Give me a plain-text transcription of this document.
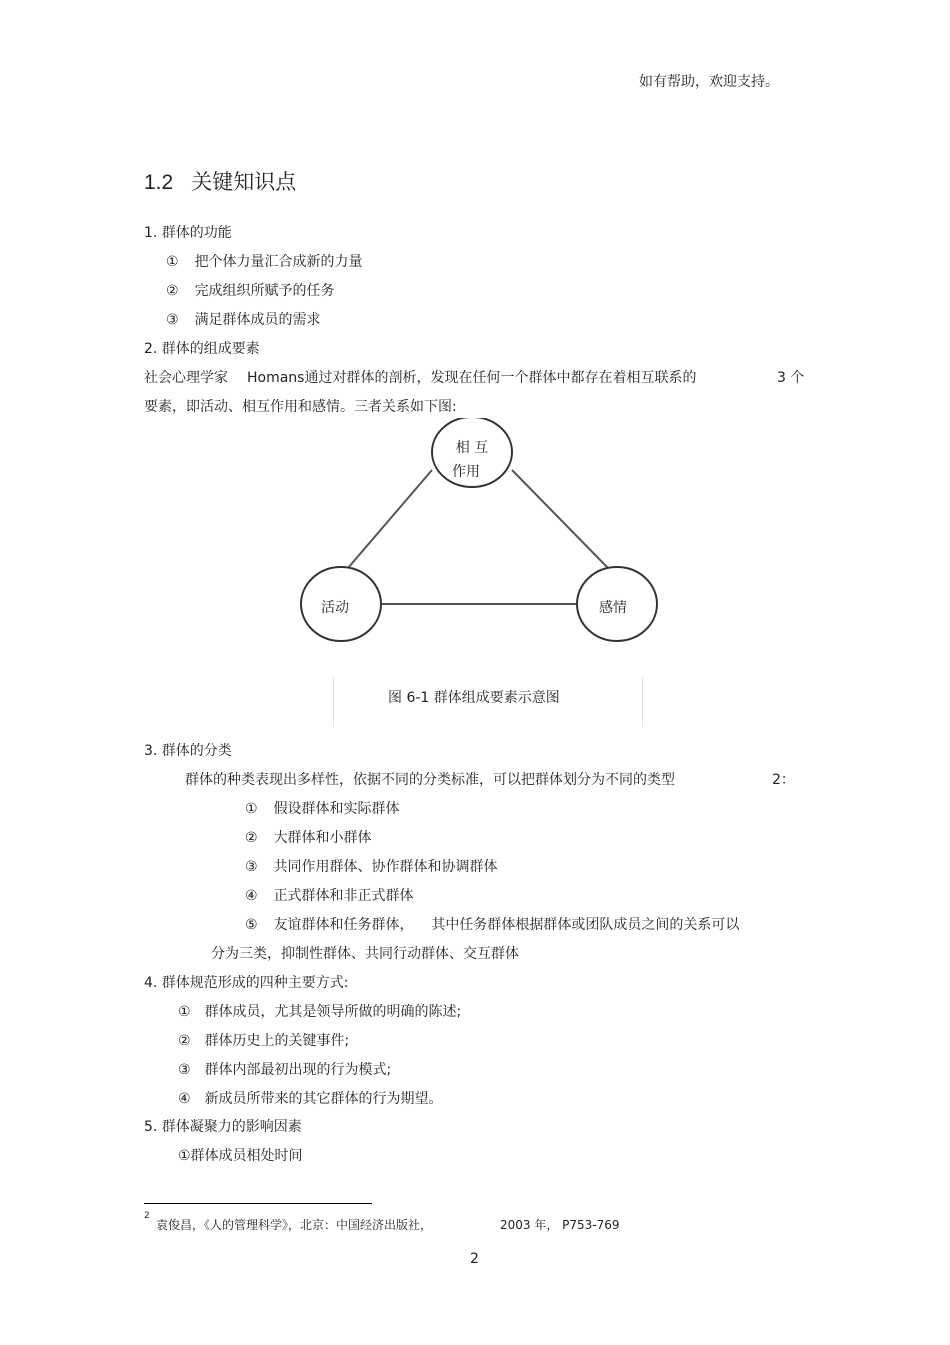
如有帮助，欢迎支持。
1.2 关键知识点
1. 群体的功能
① 把个体力量汇合成新的力量
② 完成组织所赋予的任务
③ 满足群体成员的需求
2. 群体的组成要素
社会心理学家 Homans通过对群体的剖析，发现在任何一个群体中都存在着相互联系的	3 个
要素，即活动、相互作用和感情。三者关系如下图:
相 互
作用
活动	感情
图 6-1 群体组成要素示意图
3. 群体的分类
群体的种类表现出多样性，依据不同的分类标准，可以把群体划分为不同的类型	2：
① 假设群体和实际群体
② 大群体和小群体
③ 共同作用群体、协作群体和协调群体
④ 正式群体和非正式群体
⑤ 友谊群体和任务群体，    其中任务群体根据群体或团队成员之间的关系可以
分为三类，抑制性群体、共同行动群体、交互群体
4. 群体规范形成的四种主要方式:
① 群体成员，尤其是领导所做的明确的陈述;
② 群体历史上的关键事件;
③ 群体内部最初出现的行为模式;
④ 新成员所带来的其它群体的行为期望。
5. 群体凝聚力的影响因素
①群体成员相处时间
2
袁俊昌，《人的管理科学》，北京：中国经济出版社，	2003 年， P753-769
2
